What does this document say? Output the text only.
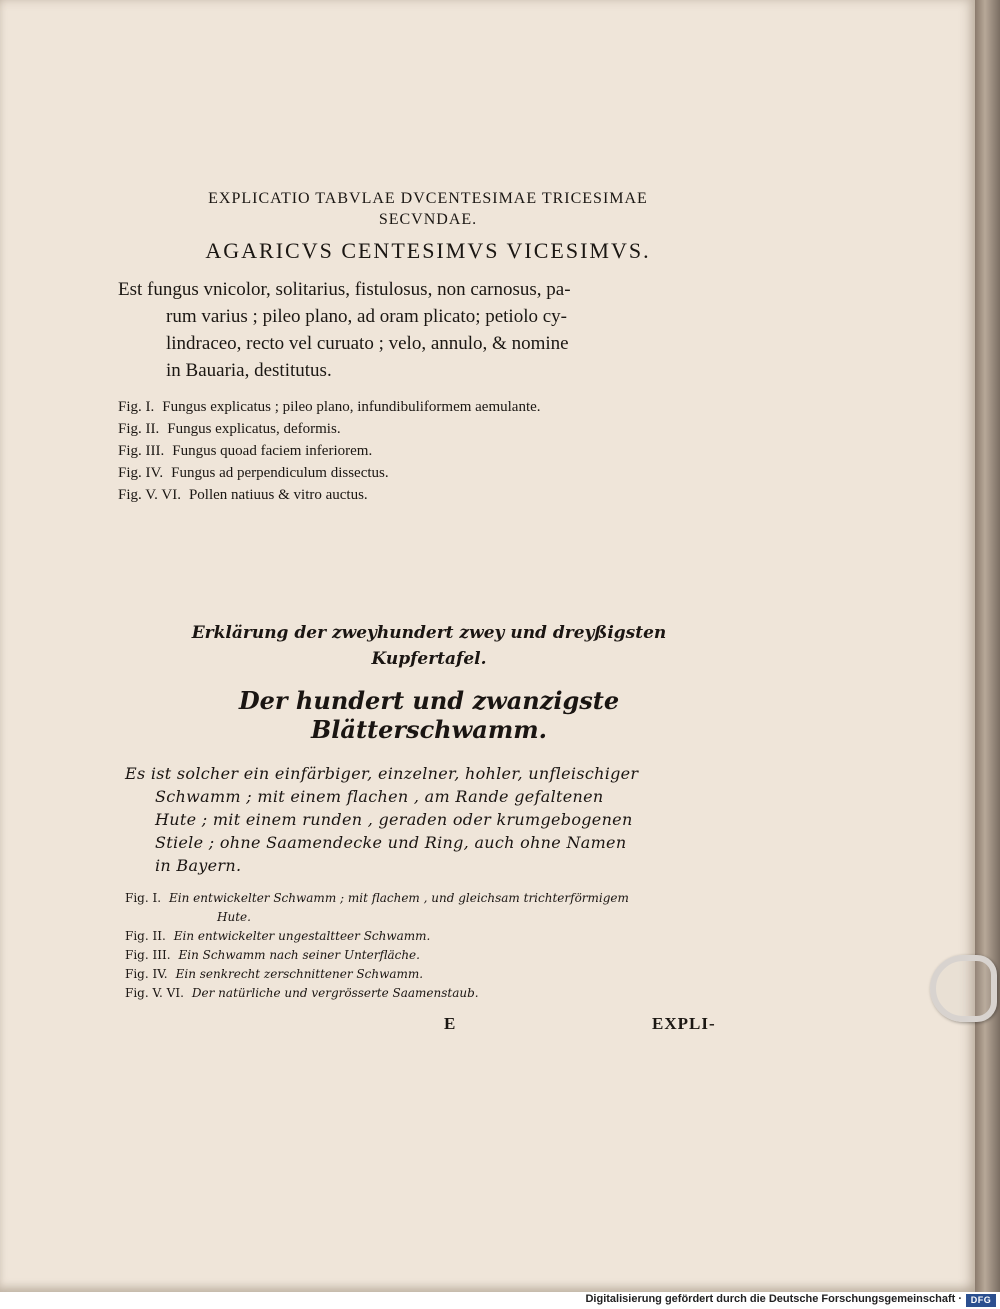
EXPLICATIO TABVLAE DVCENTESIMAE TRICESIMAE
SECVNDAE.
AGARICVS CENTESIMVS VICESIMVS.
Est fungus vnicolor, solitarius, fistulosus, non carnosus, pa-
rum varius ; pileo plano, ad oram plicato; petiolo cy-
lindraceo, recto vel curuato ; velo, annulo, & nomine
in Bauaria, destitutus.
Fig. I. Fungus explicatus ; pileo plano, infundibuliformem aemulante.
Fig. II. Fungus explicatus, deformis.
Fig. III. Fungus quoad faciem inferiorem.
Fig. IV. Fungus ad perpendiculum dissectus.
Fig. V. VI. Pollen natiuus & vitro auctus.
Erklärung der zweyhundert zwey und dreyßigsten
Kupfertafel.
Der hundert und zwanzigste Blätterschwamm.
Es ist solcher ein einfärbiger, einzelner, hohler, unfleischiger
Schwamm ; mit einem flachen , am Rande gefaltenen
Hute ; mit einem runden , geraden oder krumgebogenen
Stiele ; ohne Saamendecke und Ring, auch ohne Namen
in Bayern.
Fig. I. Ein entwickelter Schwamm ; mit flachem , und gleichsam trichterförmigem
Hute.
Fig. II. Ein entwickelter ungestaltteer Schwamm.
Fig. III. Ein Schwamm nach seiner Unterfläche.
Fig. IV. Ein senkrecht zerschnittener Schwamm.
Fig. V. VI. Der natürliche und vergrösserte Saamenstaub.
E	EXPLI-
Digitalisierung gefördert durch die Deutsche Forschungsgemeinschaft · DFG
